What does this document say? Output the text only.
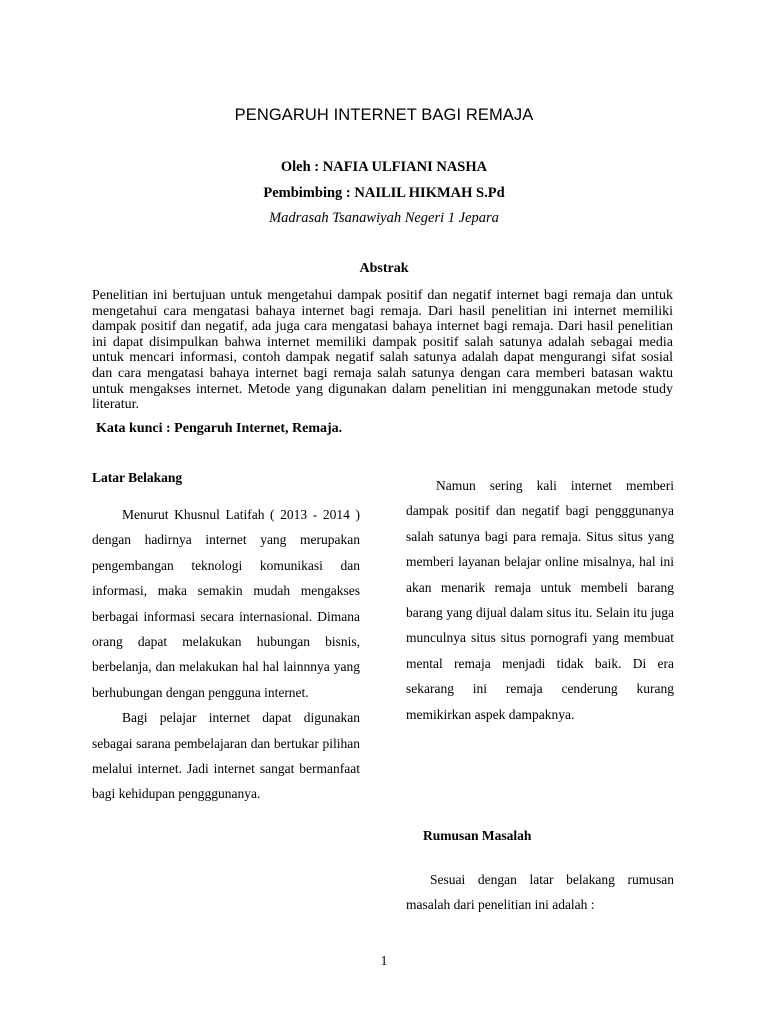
PENGARUH INTERNET BAGI REMAJA
Oleh : NAFIA ULFIANI NASHA
Pembimbing : NAILIL HIKMAH S.Pd
Madrasah Tsanawiyah Negeri 1 Jepara
Abstrak
Penelitian ini bertujuan untuk mengetahui dampak positif dan negatif internet bagi remaja dan untuk mengetahui cara mengatasi bahaya internet bagi remaja. Dari hasil penelitian ini internet memiliki dampak positif dan negatif, ada juga cara mengatasi bahaya internet bagi remaja. Dari hasil penelitian ini dapat disimpulkan bahwa internet memiliki dampak positif salah satunya adalah sebagai media untuk mencari informasi, contoh dampak negatif salah satunya adalah dapat mengurangi sifat sosial dan cara mengatasi bahaya internet bagi remaja salah satunya dengan cara memberi batasan waktu untuk mengakses internet. Metode yang digunakan dalam penelitian ini menggunakan metode study literatur.
Kata kunci : Pengaruh Internet, Remaja.
Latar Belakang

Menurut Khusnul Latifah ( 2013 - 2014 ) dengan hadirnya internet yang merupakan pengembangan teknologi komunikasi dan informasi, maka semakin mudah mengakses berbagai informasi secara internasional. Dimana orang dapat melakukan hubungan bisnis, berbelanja, dan melakukan hal hal lainnnya yang berhubungan dengan pengguna internet.

Bagi pelajar internet dapat digunakan sebagai sarana pembelajaran dan bertukar pilihan melalui internet. Jadi internet sangat bermanfaat bagi kehidupan pengggunanya.

Namun sering kali internet memberi dampak positif dan negatif bagi pengggunanya salah satunya bagi para remaja. Situs situs yang memberi layanan belajar online misalnya, hal ini akan menarik remaja untuk membeli barang barang yang dijual dalam situs itu. Selain itu juga munculnya situs situs pornografi yang membuat mental remaja menjadi tidak baik. Di era sekarang ini remaja cenderung kurang memikirkan aspek dampaknya.

Rumusan Masalah

Sesuai dengan latar belakang rumusan masalah dari penelitian ini adalah :

1
